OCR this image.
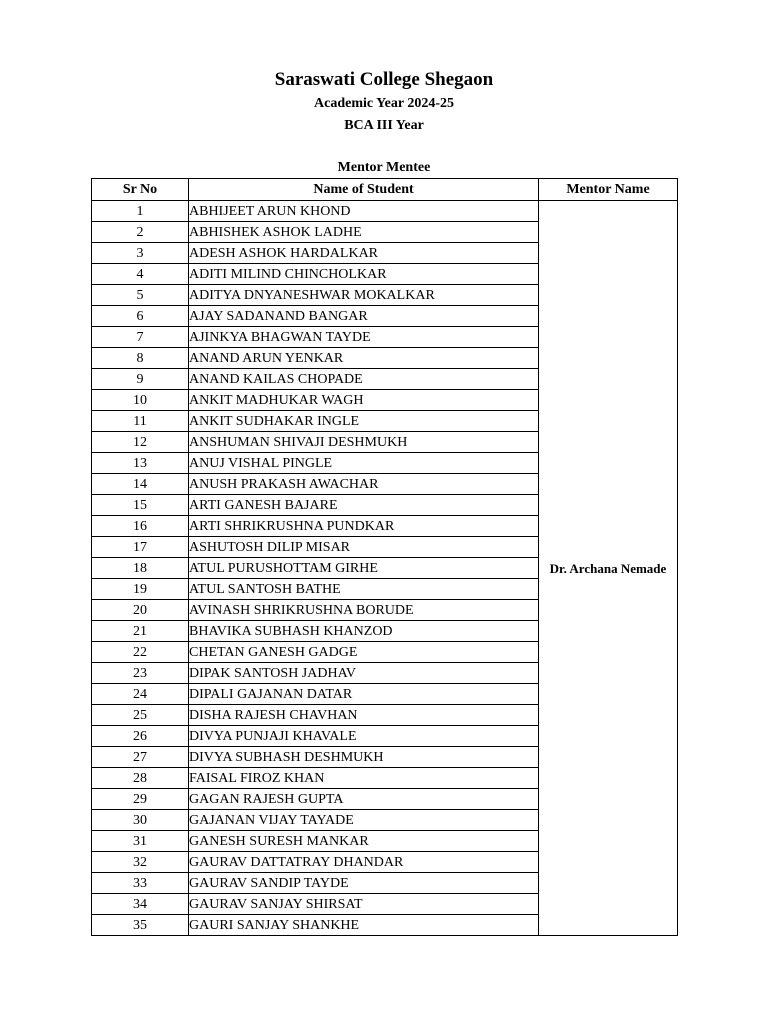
Saraswati College Shegaon
Academic Year 2024-25
BCA III Year
Mentor Mentee
Sr No	Name of Student	Mentor Name
1	ABHIJEET ARUN KHOND	Dr. Archana Nemade
2	ABHISHEK ASHOK LADHE	
3	ADESH ASHOK HARDALKAR	
4	ADITI MILIND CHINCHOLKAR	
5	ADITYA DNYANESHWAR MOKALKAR	
6	AJAY SADANAND BANGAR	
7	AJINKYA BHAGWAN TAYDE	
8	ANAND ARUN YENKAR	
9	ANAND KAILAS CHOPADE	
10	ANKIT MADHUKAR WAGH	
11	ANKIT SUDHAKAR INGLE	
12	ANSHUMAN SHIVAJI DESHMUKH	
13	ANUJ VISHAL PINGLE	
14	ANUSH PRAKASH AWACHAR	
15	ARTI GANESH BAJARE	
16	ARTI SHRIKRUSHNA PUNDKAR	
17	ASHUTOSH DILIP MISAR	
18	ATUL PURUSHOTTAM GIRHE	
19	ATUL SANTOSH BATHE	
20	AVINASH SHRIKRUSHNA BORUDE	
21	BHAVIKA SUBHASH KHANZOD	
22	CHETAN GANESH GADGE	
23	DIPAK SANTOSH JADHAV	
24	DIPALI GAJANAN DATAR	
25	DISHA RAJESH CHAVHAN	
26	DIVYA PUNJAJI KHAVALE	
27	DIVYA SUBHASH DESHMUKH	
28	FAISAL FIROZ KHAN	
29	GAGAN RAJESH GUPTA	
30	GAJANAN VIJAY TAYADE	
31	GANESH SURESH MANKAR	
32	GAURAV DATTATRAY DHANDAR	
33	GAURAV SANDIP TAYDE	
34	GAURAV SANJAY SHIRSAT	
35	GAURI SANJAY SHANKHE	
